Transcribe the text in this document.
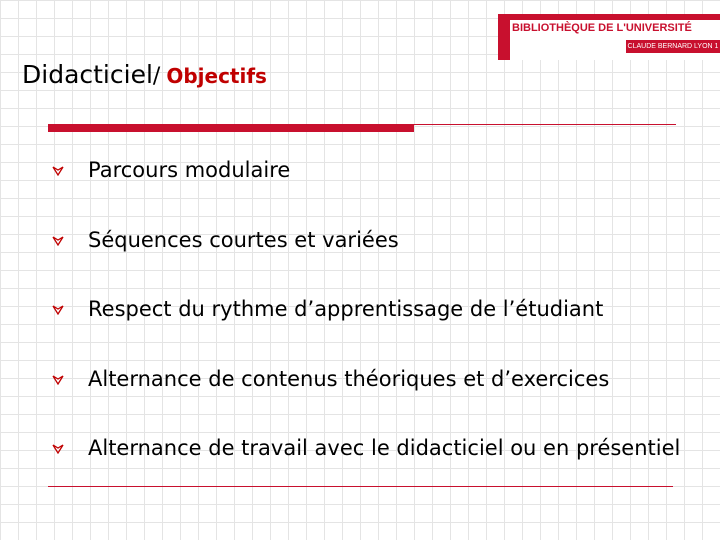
BIBLIOTHÈQUE DE L'UNIVERSITÉ
CLAUDE BERNARD LYON 1
Didacticiel/ Objectifs
Parcours modulaire
Séquences courtes et variées
Respect du rythme d’apprentissage de l’étudiant
Alternance de contenus théoriques et d’exercices
Alternance de travail avec le didacticiel ou en présentiel
